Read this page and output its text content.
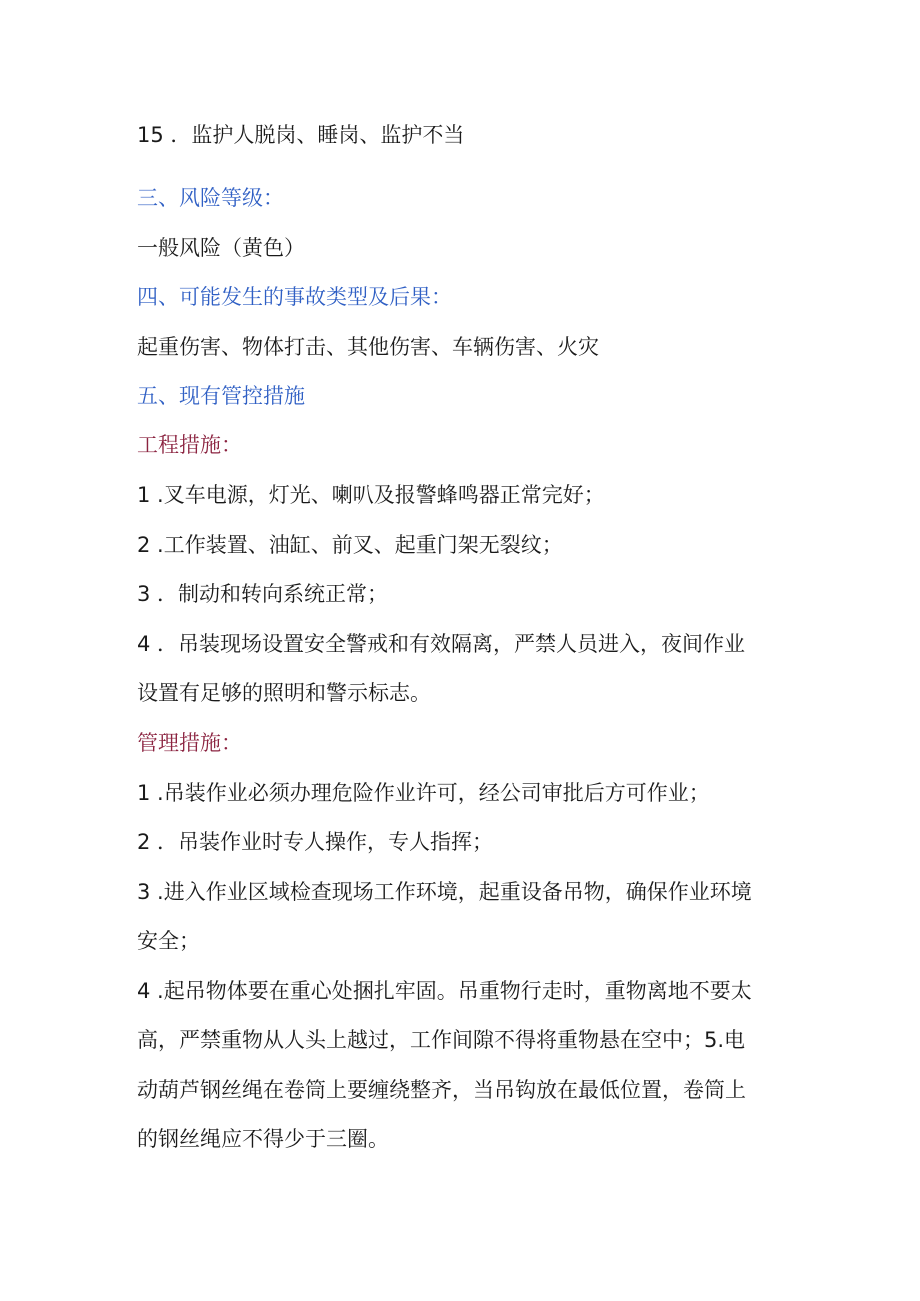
15 ．监护人脱岗、睡岗、监护不当
三、风险等级：
一般风险（黄色）
四、可能发生的事故类型及后果：
起重伤害、物体打击、其他伤害、车辆伤害、火灾
五、现有管控措施
工程措施：
1 .叉车电源，灯光、喇叭及报警蜂鸣器正常完好；
2 .工作装置、油缸、前叉、起重门架无裂纹；
3 ．制动和转向系统正常；
4 ．吊装现场设置安全警戒和有效隔离，严禁人员进入，夜间作业
设置有足够的照明和警示标志。
管理措施：
1 .吊装作业必须办理危险作业许可，经公司审批后方可作业；
2 ．吊装作业时专人操作，专人指挥；
3 .进入作业区域检查现场工作环境，起重设备吊物，确保作业环境
安全；
4 .起吊物体要在重心处捆扎牢固。吊重物行走时，重物离地不要太
高，严禁重物从人头上越过，工作间隙不得将重物悬在空中；5.电
动葫芦钢丝绳在卷筒上要缠绕整齐，当吊钩放在最低位置，卷筒上
的钢丝绳应不得少于三圈。
